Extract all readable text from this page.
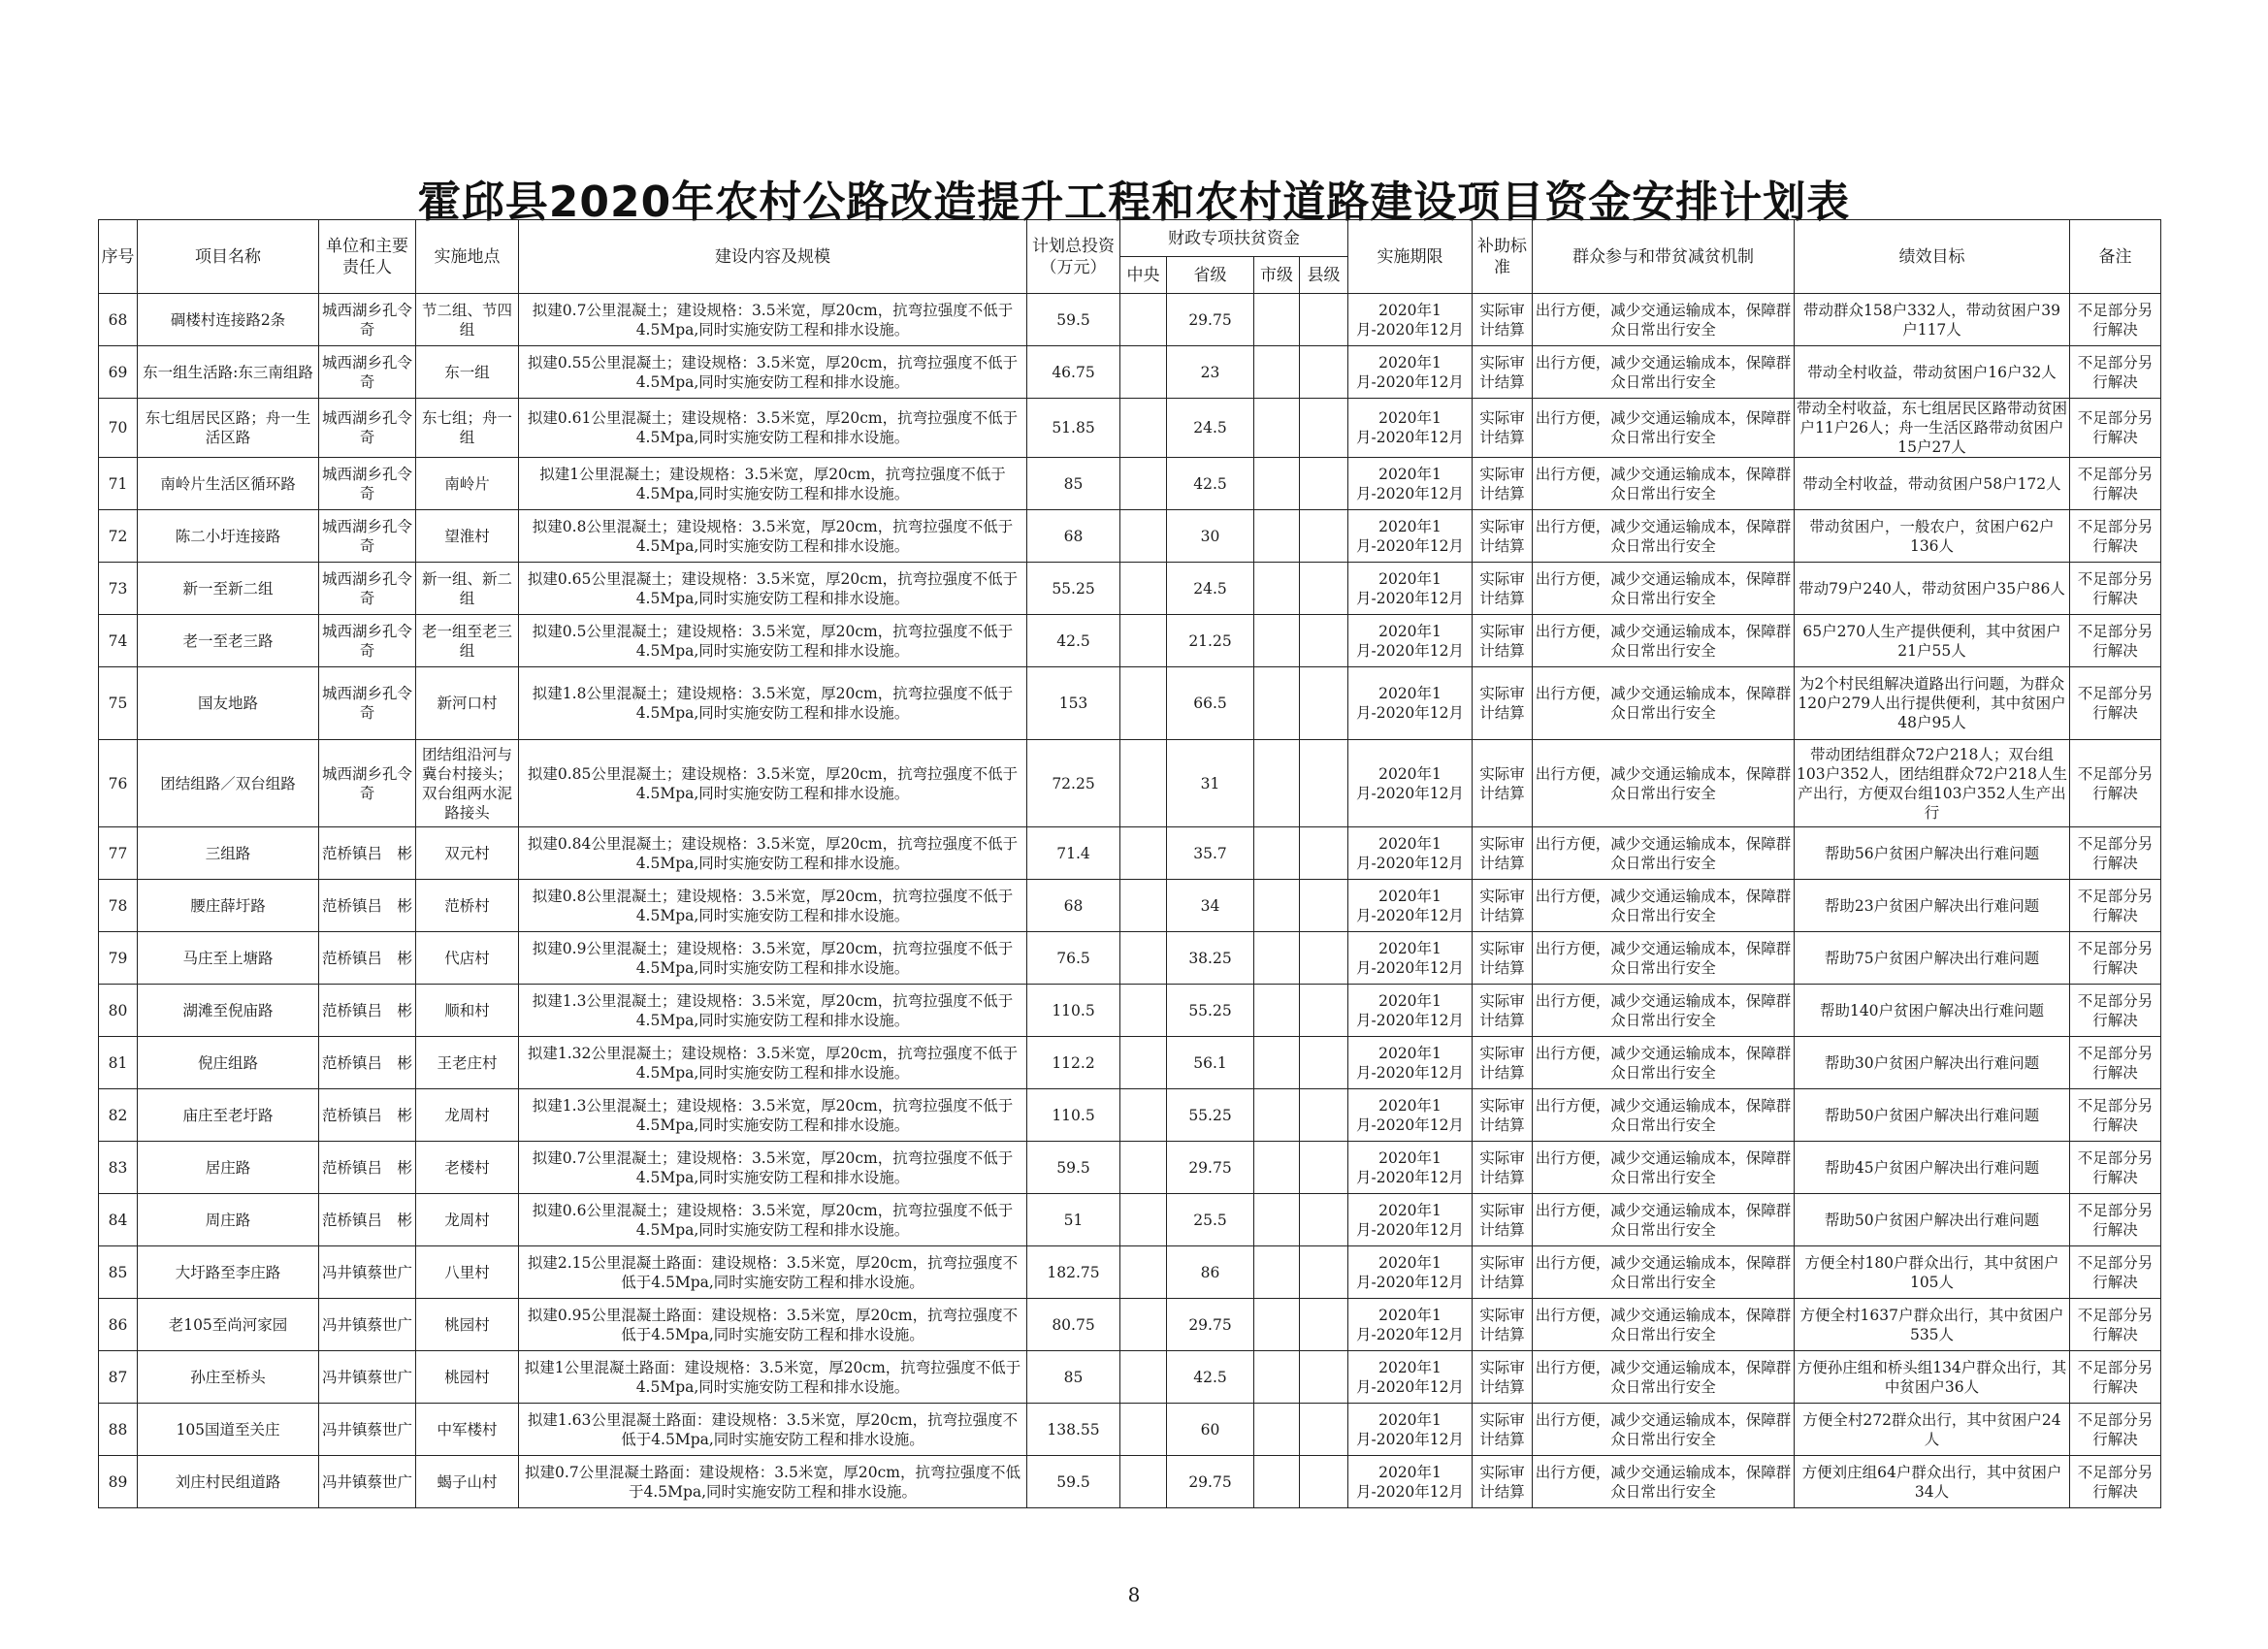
霍邱县2020年农村公路改造提升工程和农村道路建设项目资金安排计划表
序号	项目名称	单位和主要责任人	实施地点	建设内容及规模	计划总投资（万元）	财政专项扶贫资金				实施期限	补助标准	群众参与和带贫减贫机制	绩效目标	备注
						中央	省级	市级	县级					
68	碉楼村连接路2条	城西湖乡孔令奇	节二组、节四组	拟建0.7公里混凝土；建设规格：3.5米宽，厚20cm，抗弯拉强度不低于4.5Mpa,同时实施安防工程和排水设施。	59.5		29.75			2020年1月-2020年12月	实际审计结算	出行方便，减少交通运输成本，保障群众日常出行安全	带动群众158户332人，带动贫困户39户117人	不足部分另行解决
69	东一组生活路:东三南组路	城西湖乡孔令奇	东一组	拟建0.55公里混凝土；建设规格：3.5米宽，厚20cm，抗弯拉强度不低于4.5Mpa,同时实施安防工程和排水设施。	46.75		23			2020年1月-2020年12月	实际审计结算	出行方便，减少交通运输成本，保障群众日常出行安全	带动全村收益，带动贫困户16户32人	不足部分另行解决
70	东七组居民区路；舟一生活区路	城西湖乡孔令奇	东七组；舟一组	拟建0.61公里混凝土；建设规格：3.5米宽，厚20cm，抗弯拉强度不低于4.5Mpa,同时实施安防工程和排水设施。	51.85		24.5			2020年1月-2020年12月	实际审计结算	出行方便，减少交通运输成本，保障群众日常出行安全	带动全村收益，东七组居民区路带动贫困户11户26人；舟一生活区路带动贫困户15户27人	不足部分另行解决
71	南岭片生活区循环路	城西湖乡孔令奇	南岭片	拟建1公里混凝土；建设规格：3.5米宽，厚20cm，抗弯拉强度不低于4.5Mpa,同时实施安防工程和排水设施。	85		42.5			2020年1月-2020年12月	实际审计结算	出行方便，减少交通运输成本，保障群众日常出行安全	带动全村收益，带动贫困户58户172人	不足部分另行解决
72	陈二小圩连接路	城西湖乡孔令奇	望淮村	拟建0.8公里混凝土；建设规格：3.5米宽，厚20cm，抗弯拉强度不低于4.5Mpa,同时实施安防工程和排水设施。	68		30			2020年1月-2020年12月	实际审计结算	出行方便，减少交通运输成本，保障群众日常出行安全	带动贫困户，一般农户，贫困户62户136人	不足部分另行解决
73	新一至新二组	城西湖乡孔令奇	新一组、新二组	拟建0.65公里混凝土；建设规格：3.5米宽，厚20cm，抗弯拉强度不低于4.5Mpa,同时实施安防工程和排水设施。	55.25		24.5			2020年1月-2020年12月	实际审计结算	出行方便，减少交通运输成本，保障群众日常出行安全	带动79户240人，带动贫困户35户86人	不足部分另行解决
74	老一至老三路	城西湖乡孔令奇	老一组至老三组	拟建0.5公里混凝土；建设规格：3.5米宽，厚20cm，抗弯拉强度不低于4.5Mpa,同时实施安防工程和排水设施。	42.5		21.25			2020年1月-2020年12月	实际审计结算	出行方便，减少交通运输成本，保障群众日常出行安全	65户270人生产提供便利，其中贫困户21户55人	不足部分另行解决
75	国友地路	城西湖乡孔令奇	新河口村	拟建1.8公里混凝土；建设规格：3.5米宽，厚20cm，抗弯拉强度不低于4.5Mpa,同时实施安防工程和排水设施。	153		66.5			2020年1月-2020年12月	实际审计结算	出行方便，减少交通运输成本，保障群众日常出行安全	为2个村民组解决道路出行问题，为群众120户279人出行提供便利，其中贫困户48户95人	不足部分另行解决
76	团结组路／双台组路	城西湖乡孔令奇	团结组沿河与冀台村接头；双台组两水泥路接头	拟建0.85公里混凝土；建设规格：3.5米宽，厚20cm，抗弯拉强度不低于4.5Mpa,同时实施安防工程和排水设施。	72.25		31			2020年1月-2020年12月	实际审计结算	出行方便，减少交通运输成本，保障群众日常出行安全	带动团结组群众72户218人；双台组103户352人，团结组群众72户218人生产出行，方便双台组103户352人生产出行	不足部分另行解决
77	三组路	范桥镇吕　彬	双元村	拟建0.84公里混凝土；建设规格：3.5米宽，厚20cm，抗弯拉强度不低于4.5Mpa,同时实施安防工程和排水设施。	71.4		35.7			2020年1月-2020年12月	实际审计结算	出行方便，减少交通运输成本，保障群众日常出行安全	帮助56户贫困户解决出行难问题	不足部分另行解决
78	腰庄薛圩路	范桥镇吕　彬	范桥村	拟建0.8公里混凝土；建设规格：3.5米宽，厚20cm，抗弯拉强度不低于4.5Mpa,同时实施安防工程和排水设施。	68		34			2020年1月-2020年12月	实际审计结算	出行方便，减少交通运输成本，保障群众日常出行安全	帮助23户贫困户解决出行难问题	不足部分另行解决
79	马庄至上塘路	范桥镇吕　彬	代店村	拟建0.9公里混凝土；建设规格：3.5米宽，厚20cm，抗弯拉强度不低于4.5Mpa,同时实施安防工程和排水设施。	76.5		38.25			2020年1月-2020年12月	实际审计结算	出行方便，减少交通运输成本，保障群众日常出行安全	帮助75户贫困户解决出行难问题	不足部分另行解决
80	湖滩至倪庙路	范桥镇吕　彬	顺和村	拟建1.3公里混凝土；建设规格：3.5米宽，厚20cm，抗弯拉强度不低于4.5Mpa,同时实施安防工程和排水设施。	110.5		55.25			2020年1月-2020年12月	实际审计结算	出行方便，减少交通运输成本，保障群众日常出行安全	帮助140户贫困户解决出行难问题	不足部分另行解决
81	倪庄组路	范桥镇吕　彬	王老庄村	拟建1.32公里混凝土；建设规格：3.5米宽，厚20cm，抗弯拉强度不低于4.5Mpa,同时实施安防工程和排水设施。	112.2		56.1			2020年1月-2020年12月	实际审计结算	出行方便，减少交通运输成本，保障群众日常出行安全	帮助30户贫困户解决出行难问题	不足部分另行解决
82	庙庄至老圩路	范桥镇吕　彬	龙周村	拟建1.3公里混凝土；建设规格：3.5米宽，厚20cm，抗弯拉强度不低于4.5Mpa,同时实施安防工程和排水设施。	110.5		55.25			2020年1月-2020年12月	实际审计结算	出行方便，减少交通运输成本，保障群众日常出行安全	帮助50户贫困户解决出行难问题	不足部分另行解决
83	居庄路	范桥镇吕　彬	老楼村	拟建0.7公里混凝土；建设规格：3.5米宽，厚20cm，抗弯拉强度不低于4.5Mpa,同时实施安防工程和排水设施。	59.5		29.75			2020年1月-2020年12月	实际审计结算	出行方便，减少交通运输成本，保障群众日常出行安全	帮助45户贫困户解决出行难问题	不足部分另行解决
84	周庄路	范桥镇吕　彬	龙周村	拟建0.6公里混凝土；建设规格：3.5米宽，厚20cm，抗弯拉强度不低于4.5Mpa,同时实施安防工程和排水设施。	51		25.5			2020年1月-2020年12月	实际审计结算	出行方便，减少交通运输成本，保障群众日常出行安全	帮助50户贫困户解决出行难问题	不足部分另行解决
85	大圩路至李庄路	冯井镇蔡世广	八里村	拟建2.15公里混凝土路面：建设规格：3.5米宽，厚20cm，抗弯拉强度不低于4.5Mpa,同时实施安防工程和排水设施。	182.75		86			2020年1月-2020年12月	实际审计结算	出行方便，减少交通运输成本，保障群众日常出行安全	方便全村180户群众出行，其中贫困户105人	不足部分另行解决
86	老105至尚河家园	冯井镇蔡世广	桃园村	拟建0.95公里混凝土路面：建设规格：3.5米宽，厚20cm，抗弯拉强度不低于4.5Mpa,同时实施安防工程和排水设施。	80.75		29.75			2020年1月-2020年12月	实际审计结算	出行方便，减少交通运输成本，保障群众日常出行安全	方便全村1637户群众出行，其中贫困户535人	不足部分另行解决
87	孙庄至桥头	冯井镇蔡世广	桃园村	拟建1公里混凝土路面：建设规格：3.5米宽，厚20cm，抗弯拉强度不低于4.5Mpa,同时实施安防工程和排水设施。	85		42.5			2020年1月-2020年12月	实际审计结算	出行方便，减少交通运输成本，保障群众日常出行安全	方便孙庄组和桥头组134户群众出行，其中贫困户36人	不足部分另行解决
88	105国道至关庄	冯井镇蔡世广	中军楼村	拟建1.63公里混凝土路面：建设规格：3.5米宽，厚20cm，抗弯拉强度不低于4.5Mpa,同时实施安防工程和排水设施。	138.55		60			2020年1月-2020年12月	实际审计结算	出行方便，减少交通运输成本，保障群众日常出行安全	方便全村272群众出行，其中贫困户24人	不足部分另行解决
89	刘庄村民组道路	冯井镇蔡世广	蝎子山村	拟建0.7公里混凝土路面：建设规格：3.5米宽，厚20cm，抗弯拉强度不低于4.5Mpa,同时实施安防工程和排水设施。	59.5		29.75			2020年1月-2020年12月	实际审计结算	出行方便，减少交通运输成本，保障群众日常出行安全	方便刘庄组64户群众出行，其中贫困户34人	不足部分另行解决
8
